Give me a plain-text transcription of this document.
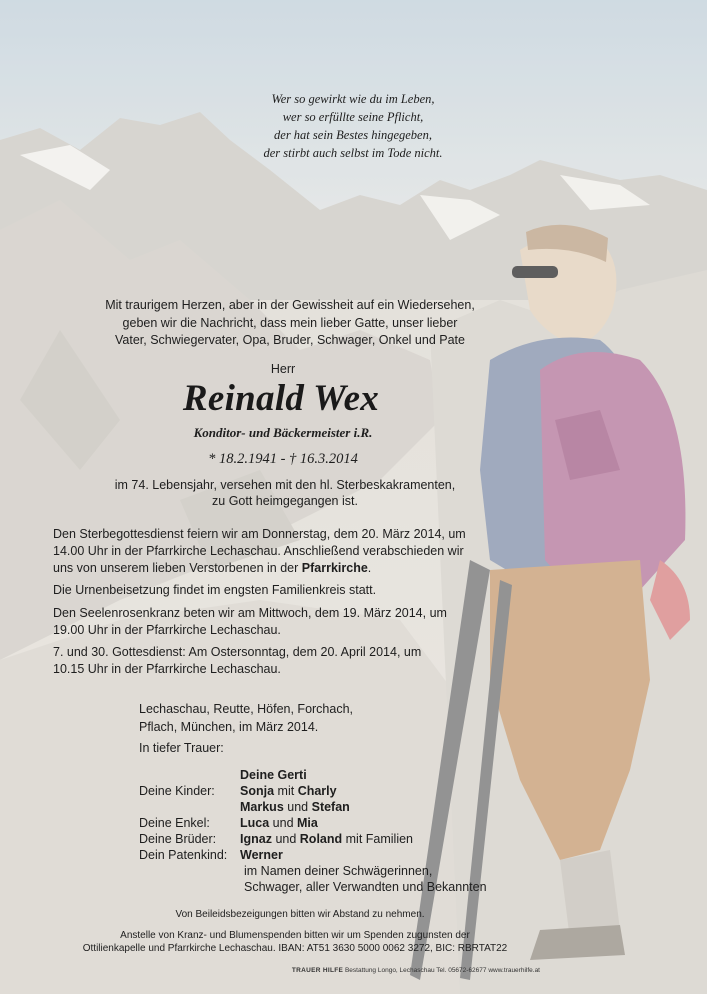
Wer so gewirkt wie du im Leben,
wer so erfüllte seine Pflicht,
der hat sein Bestes hingegeben,
der stirbt auch selbst im Tode nicht.
Mit traurigem Herzen, aber in der Gewissheit auf ein Wiedersehen,
geben wir die Nachricht, dass mein lieber Gatte, unser lieber
Vater, Schwiegervater, Opa, Bruder, Schwager, Onkel und Pate
Herr
Reinald Wex
Konditor- und Bäckermeister i.R.
* 18.2.1941 - † 16.3.2014
im 74. Lebensjahr, versehen mit den hl. Sterbeskakramenten,
zu Gott heimgegangen ist.
Den Sterbegottesdienst feiern wir am Donnerstag, dem 20. März 2014, um
14.00 Uhr in der Pfarrkirche Lechaschau. Anschließend verabschieden wir
uns von unserem lieben Verstorbenen in der Pfarrkirche.
Die Urnenbeisetzung findet im engsten Familienkreis statt.
Den Seelenrosenkranz beten wir am Mittwoch, dem 19. März 2014, um
19.00 Uhr in der Pfarrkirche Lechaschau.
7. und 30. Gottesdienst: Am Ostersonntag, dem 20. April 2014, um
10.15 Uhr in der Pfarrkirche Lechaschau.
Lechaschau, Reutte, Höfen, Forchach,
Pflach, München, im März 2014.
In tiefer Trauer:
Deine Gerti
Deine Kinder: Sonja mit Charly
Markus und Stefan
Deine Enkel: Luca und Mia
Deine Brüder: Ignaz und Roland mit Familien
Dein Patenkind: Werner
im Namen deiner Schwägerinnen,
Schwager, aller Verwandten und Bekannten
Von Beileidsbezeigungen bitten wir Abstand zu nehmen.
Anstelle von Kranz- und Blumenspenden bitten wir um Spenden zugunsten der
Ottilienkapelle und Pfarrkirche Lechaschau. IBAN: AT51 3630 5000 0062 3272, BIC: RBRTAT22
TRAUER HILFE Bestattung Longo, Lechaschau Tel. 05672-62677 www.trauerhilfe.at
